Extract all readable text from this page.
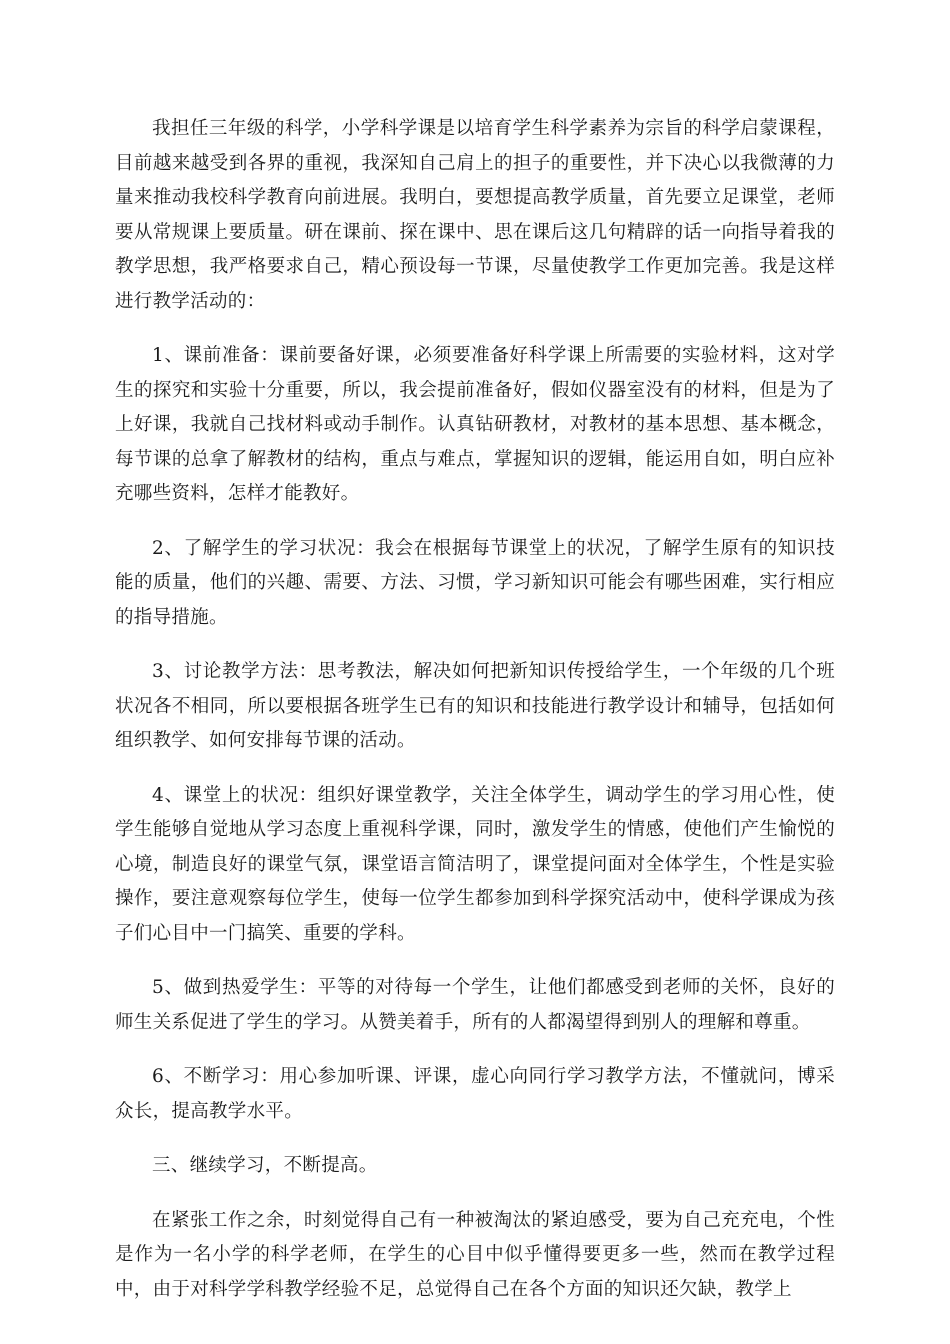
我担任三年级的科学，小学科学课是以培育学生科学素养为宗旨的科学启蒙课程，目前越来越受到各界的重视，我深知自己肩上的担子的重要性，并下决心以我微薄的力量来推动我校科学教育向前进展。我明白，要想提高教学质量，首先要立足课堂，老师要从常规课上要质量。研在课前、探在课中、思在课后这几句精辟的话一向指导着我的教学思想，我严格要求自己，精心预设每一节课，尽量使教学工作更加完善。我是这样进行教学活动的：

1、课前准备：课前要备好课，必须要准备好科学课上所需要的实验材料，这对学生的探究和实验十分重要，所以，我会提前准备好，假如仪器室没有的材料，但是为了上好课，我就自己找材料或动手制作。认真钻研教材，对教材的基本思想、基本概念，每节课的总拿了解教材的结构，重点与难点，掌握知识的逻辑，能运用自如，明白应补充哪些资料，怎样才能教好。

2、了解学生的学习状况：我会在根据每节课堂上的状况，了解学生原有的知识技能的质量，他们的兴趣、需要、方法、习惯，学习新知识可能会有哪些困难，实行相应的指导措施。

3、讨论教学方法：思考教法，解决如何把新知识传授给学生，一个年级的几个班状况各不相同，所以要根据各班学生已有的知识和技能进行教学设计和辅导，包括如何组织教学、如何安排每节课的活动。

4、课堂上的状况：组织好课堂教学，关注全体学生，调动学生的学习用心性，使学生能够自觉地从学习态度上重视科学课，同时，激发学生的情感，使他们产生愉悦的心境，制造良好的课堂气氛，课堂语言简洁明了，课堂提问面对全体学生，个性是实验操作，要注意观察每位学生，使每一位学生都参加到科学探究活动中，使科学课成为孩子们心目中一门搞笑、重要的学科。

5、做到热爱学生：平等的对待每一个学生，让他们都感受到老师的关怀，良好的师生关系促进了学生的学习。从赞美着手，所有的人都渴望得到别人的理解和尊重。

6、不断学习：用心参加听课、评课，虚心向同行学习教学方法，不懂就问，博采众长，提高教学水平。

三、继续学习，不断提高。

在紧张工作之余，时刻觉得自己有一种被淘汰的紧迫感受，要为自己充充电，个性是作为一名小学的科学老师，在学生的心目中似乎懂得要更多一些，然而在教学过程中，由于对科学学科教学经验不足，总觉得自己在各个方面的知识还欠缺，教学上
